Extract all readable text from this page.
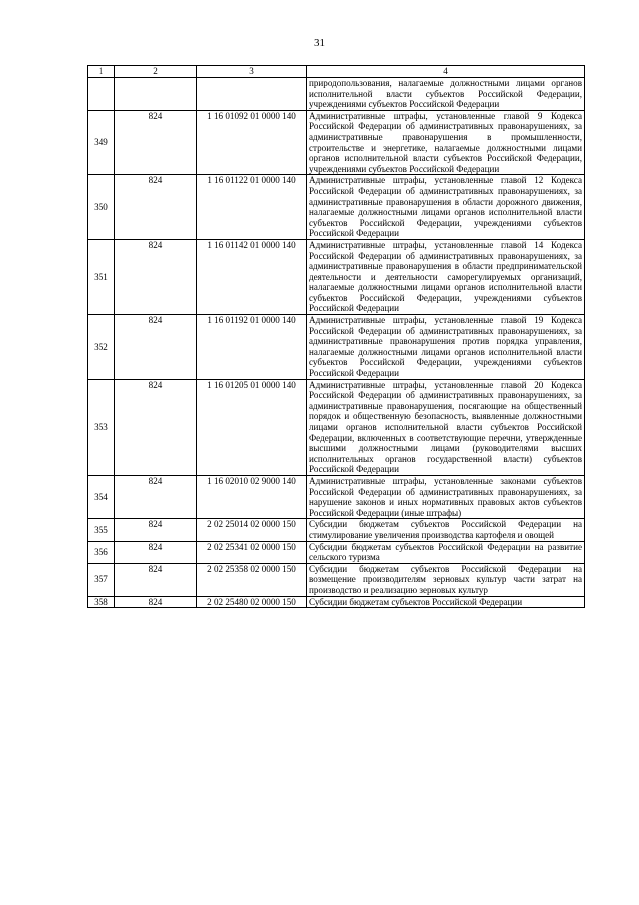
31
1	2	3	4
			природопользования, налагаемые должностными лицами органов исполнительной власти субъектов Российской Федерации, учреждениями субъектов Российской Федерации
349	824	1 16 01092 01 0000 140	Административные штрафы, установленные главой 9 Кодекса Российской Федерации об административных правонарушениях, за административные правонарушения в промышленности, строительстве и энергетике, налагаемые должностными лицами органов исполнительной власти субъектов Российской Федерации, учреждениями субъектов Российской Федерации
350	824	1 16 01122 01 0000 140	Административные штрафы, установленные главой 12 Кодекса Российской Федерации об административных правонарушениях, за административные правонарушения в области дорожного движения, налагаемые должностными лицами органов исполнительной власти субъектов Российской Федерации, учреждениями субъектов Российской Федерации
351	824	1 16 01142 01 0000 140	Административные штрафы, установленные главой 14 Кодекса Российской Федерации об административных правонарушениях, за административные правонарушения в области предпринимательской деятельности и деятельности саморегулируемых организаций, налагаемые должностными лицами органов исполнительной власти субъектов Российской Федерации, учреждениями субъектов Российской Федерации
352	824	1 16 01192 01 0000 140	Административные штрафы, установленные главой 19 Кодекса Российской Федерации об административных правонарушениях, за административные правонарушения против порядка управления, налагаемые должностными лицами органов исполнительной власти субъектов Российской Федерации, учреждениями субъектов Российской Федерации
353	824	1 16 01205 01 0000 140	Административные штрафы, установленные главой 20 Кодекса Российской Федерации об административных правонарушениях, за административные правонарушения, посягающие на общественный порядок и общественную безопасность, выявленные должностными лицами органов исполнительной власти субъектов Российской Федерации, включенных в соответствующие перечни, утвержденные высшими должностными лицами (руководителями высших исполнительных органов государственной власти) субъектов Российской Федерации
354	824	1 16 02010 02 9000 140	Административные штрафы, установленные законами субъектов Российской Федерации об административных правонарушениях, за нарушение законов и иных нормативных правовых актов субъектов Российской Федерации (иные штрафы)
355	824	2 02 25014 02 0000 150	Субсидии бюджетам субъектов Российской Федерации на стимулирование увеличения производства картофеля и овощей
356	824	2 02 25341 02 0000 150	Субсидии бюджетам субъектов Российской Федерации на развитие сельского туризма
357	824	2 02 25358 02 0000 150	Субсидии бюджетам субъектов Российской Федерации на возмещение производителям зерновых культур части затрат на производство и реализацию зерновых культур
358	824	2 02 25480 02 0000 150	Субсидии бюджетам субъектов Российской Федерации
